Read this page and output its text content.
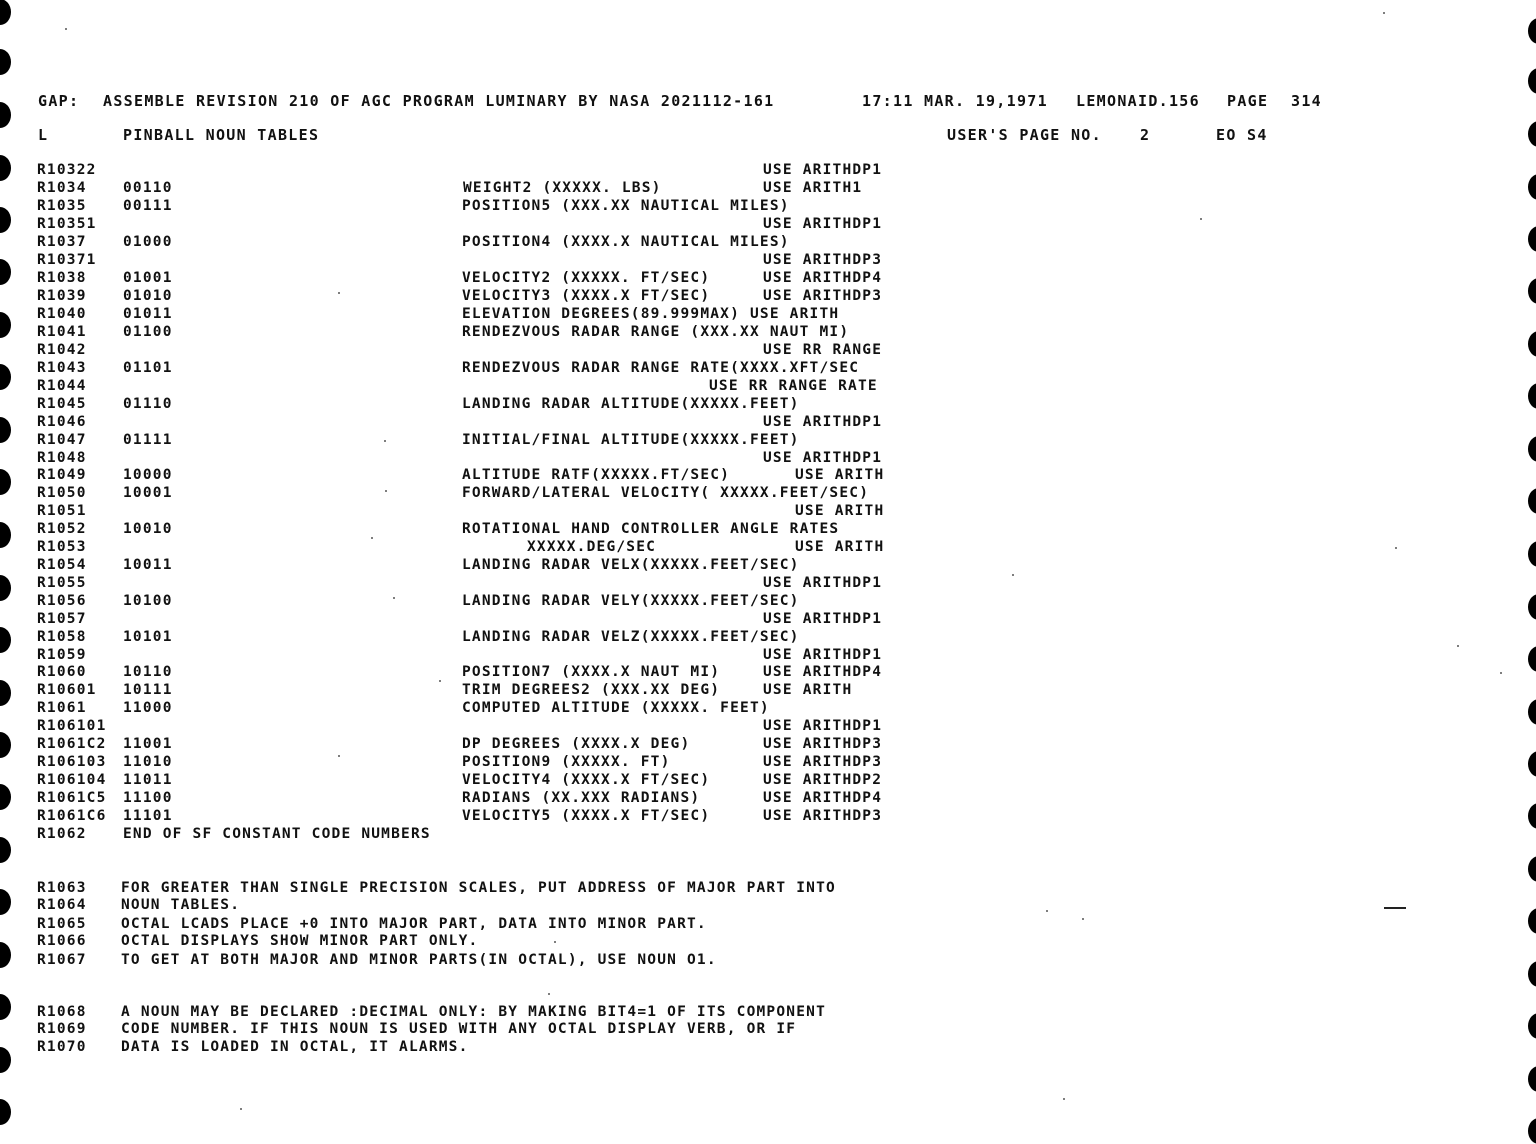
GAP: ASSEMBLE REVISION 210 OF AGC PROGRAM LUMINARY BY NASA 2021112-161	17:11 MAR. 19,1971 LEMONAID.156 PAGE 314
L	PINBALL NOUN TABLES	USER'S PAGE NO.	2	EO S4
R10322	USE ARITHDP1
R1034	00110	WEIGHT2 (XXXXX. LBS)	USE ARITH1
R1035	00111	POSITION5 (XXX.XX NAUTICAL MILES)
R10351	USE ARITHDP1
R1037	01000	POSITION4 (XXXX.X NAUTICAL MILES)
R10371	USE ARITHDP3
R1038	01001	VELOCITY2 (XXXXX. FT/SEC)	USE ARITHDP4
R1039	01010	VELOCITY3 (XXXX.X FT/SEC)	USE ARITHDP3
R1040	01011	ELEVATION DEGREES(89.999MAX) USE ARITH
R1041	01100	RENDEZVOUS RADAR RANGE (XXX.XX NAUT MI)
R1042	USE RR RANGE
R1043	01101	RENDEZVOUS RADAR RANGE RATE(XXXX.XFT/SEC
R1044	USE RR RANGE RATE
R1045	01110	LANDING RADAR ALTITUDE(XXXXX.FEET)
R1046	USE ARITHDP1
R1047	01111	INITIAL/FINAL ALTITUDE(XXXXX.FEET)
R1048	USE ARITHDP1
R1049	10000	ALTITUDE RATF(XXXXX.FT/SEC)	USE ARITH
R1050	10001	FORWARD/LATERAL VELOCITY( XXXXX.FEET/SEC)
R1051	USE ARITH
R1052	10010	ROTATIONAL HAND CONTROLLER ANGLE RATES
R1053	XXXXX.DEG/SEC	USE ARITH
R1054	10011	LANDING RADAR VELX(XXXXX.FEET/SEC)
R1055	USE ARITHDP1
R1056	10100	LANDING RADAR VELY(XXXXX.FEET/SEC)
R1057	USE ARITHDP1
R1058	10101	LANDING RADAR VELZ(XXXXX.FEET/SEC)
R1059	USE ARITHDP1
R1060	10110	POSITION7 (XXXX.X NAUT MI)	USE ARITHDP4
R10601 10111	TRIM DEGREES2 (XXX.XX DEG)	USE ARITH
R1061	11000	COMPUTED ALTITUDE (XXXXX. FEET)
R106101	USE ARITHDP1
R1061C2 11001	DP DEGREES (XXXX.X DEG)	USE ARITHDP3
R106103 11010	POSITION9 (XXXXX. FT)	USE ARITHDP3
R106104 11011	VELOCITY4 (XXXX.X FT/SEC)	USE ARITHDP2
R1061C5 11100	RADIANS (XX.XXX RADIANS)	USE ARITHDP4
R1061C6 11101	VELOCITY5 (XXXX.X FT/SEC)	USE ARITHDP3
R1062	END OF SF CONSTANT CODE NUMBERS
R1063 FOR GREATER THAN SINGLE PRECISION SCALES, PUT ADDRESS OF MAJOR PART INTO
R1064 NOUN TABLES.
R1065 OCTAL LCADS PLACE +0 INTO MAJOR PART, DATA INTO MINOR PART.
R1066 OCTAL DISPLAYS SHOW MINOR PART ONLY.
R1067 TO GET AT BOTH MAJOR AND MINOR PARTS(IN OCTAL), USE NOUN O1.
R1068 A NOUN MAY BE DECLARED :DECIMAL ONLY: BY MAKING BIT4=1 OF ITS COMPONENT
R1069 CODE NUMBER. IF THIS NOUN IS USED WITH ANY OCTAL DISPLAY VERB, OR IF
R1070 DATA IS LOADED IN OCTAL, IT ALARMS.
